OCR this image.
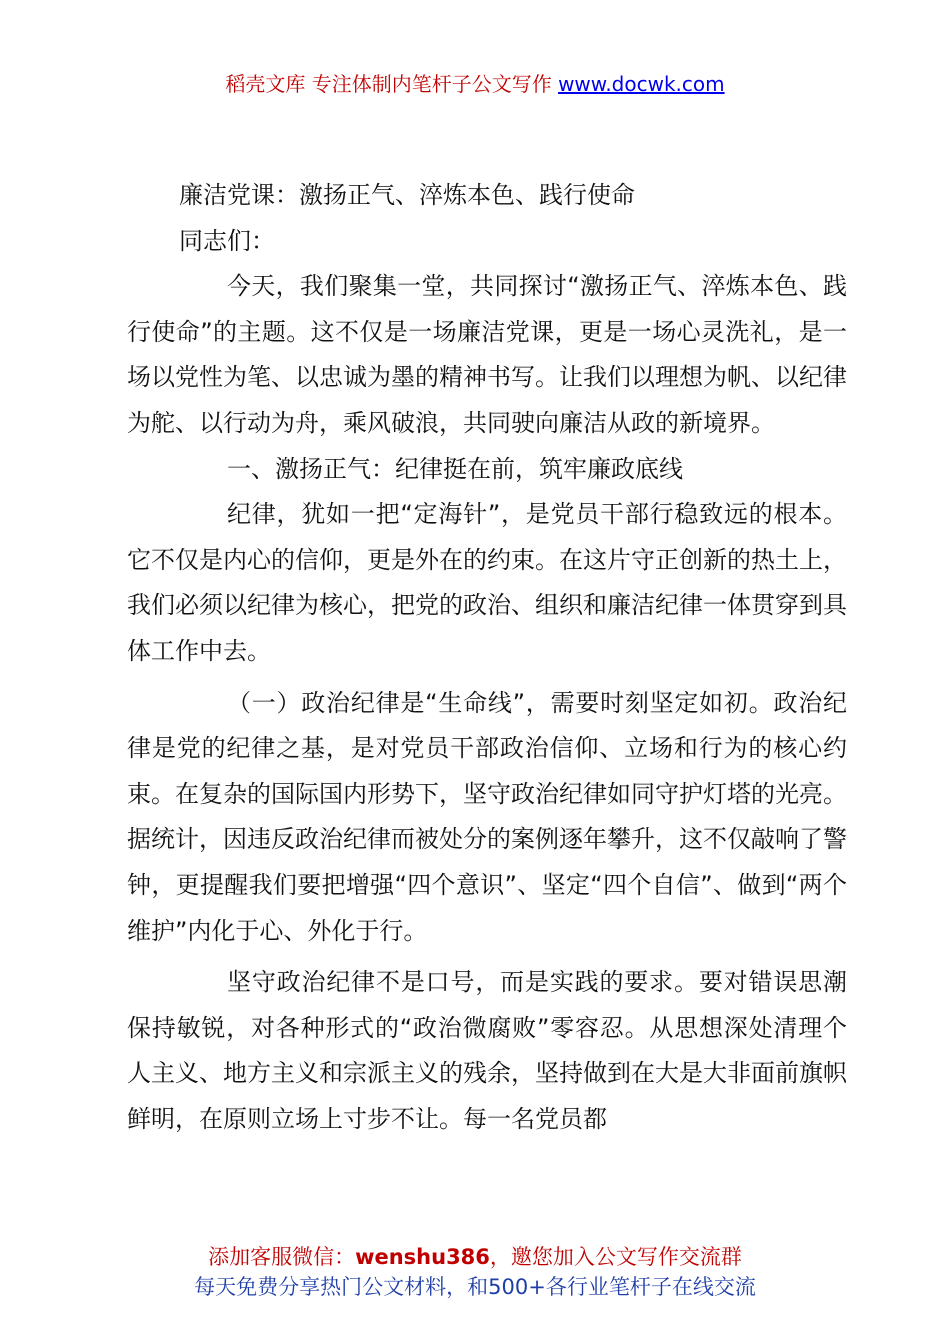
稻壳文库 专注体制内笔杆子公文写作 www.docwk.com

廉洁党课：激扬正气、淬炼本色、践行使命

同志们：

今天，我们聚集一堂，共同探讨“激扬正气、淬炼本色、践行使命”的主题。这不仅是一场廉洁党课，更是一场心灵洗礼，是一场以党性为笔、以忠诚为墨的精神书写。让我们以理想为帆、以纪律为舵、以行动为舟，乘风破浪，共同驶向廉洁从政的新境界。

一、激扬正气：纪律挺在前，筑牢廉政底线

纪律，犹如一把“定海针”，是党员干部行稳致远的根本。它不仅是内心的信仰，更是外在的约束。在这片守正创新的热土上，我们必须以纪律为核心，把党的政治、组织和廉洁纪律一体贯穿到具体工作中去。

（一）政治纪律是“生命线”，需要时刻坚定如初。政治纪律是党的纪律之基，是对党员干部政治信仰、立场和行为的核心约束。在复杂的国际国内形势下，坚守政治纪律如同守护灯塔的光亮。据统计，因违反政治纪律而被处分的案例逐年攀升，这不仅敲响了警钟，更提醒我们要把增强“四个意识”、坚定“四个自信”、做到“两个维护”内化于心、外化于行。

坚守政治纪律不是口号，而是实践的要求。要对错误思潮保持敏锐，对各种形式的“政治微腐败”零容忍。从思想深处清理个人主义、地方主义和宗派主义的残余，坚持做到在大是大非面前旗帜鲜明，在原则立场上寸步不让。每一名党员都

添加客服微信：wenshu386，邀您加入公文写作交流群
每天免费分享热门公文材料，和500+各行业笔杆子在线交流
